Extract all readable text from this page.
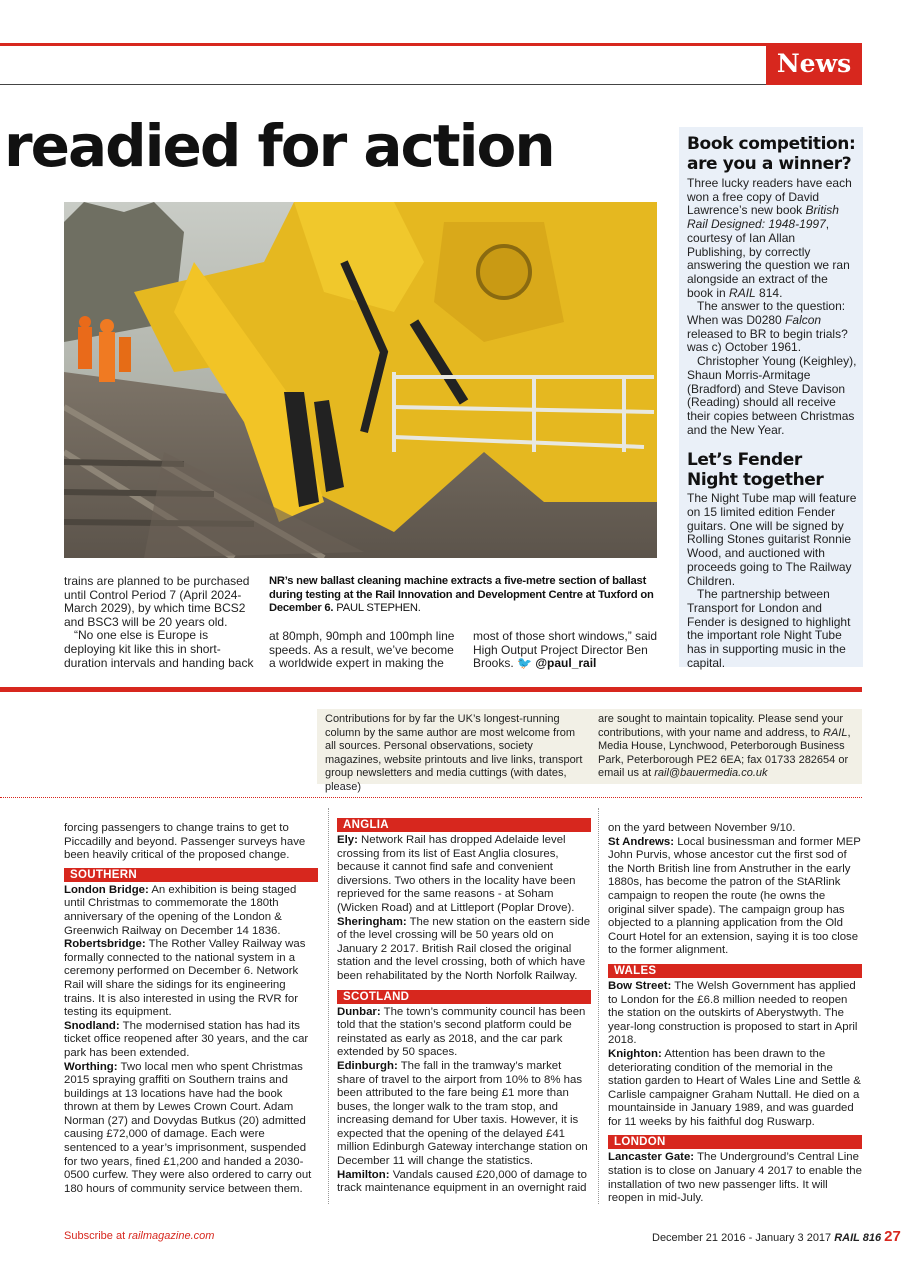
News
readied for action

trains are planned to be purchased until Control Period 7 (April 2024-March 2029), by which time BCS2 and BSC3 will be 20 years old.

“No one else is Europe is deploying kit like this in short-duration intervals and handing back

NR’s new ballast cleaning machine extracts a five-metre section of ballast during testing at the Rail Innovation and Development Centre at Tuxford on December 6. PAUL STEPHEN.
at 80mph, 90mph and 100mph line speeds. As a result, we’ve become a worldwide expert in making the
most of those short windows,” said High Output Project Director Ben Brooks. 🐦 @paul_rail
Book competition: are you a winner?

Three lucky readers have each won a free copy of David Lawrence’s new book British Rail Designed: 1948-1997, courtesy of Ian Allan Publishing, by correctly answering the question we ran alongside an extract of the book in RAIL 814.

The answer to the question: When was D0280 Falcon released to BR to begin trials? was c) October 1961.

Christopher Young (Keighley), Shaun Morris-Armitage (Bradford) and Steve Davison (Reading) should all receive their copies between Christmas and the New Year.

Let’s Fender Night together

The Night Tube map will feature on 15 limited edition Fender guitars. One will be signed by Rolling Stones guitarist Ronnie Wood, and auctioned with proceeds going to The Railway Children.

The partnership between Transport for London and Fender is designed to highlight the important role Night Tube has in supporting music in the capital.

Contributions for by far the UK’s longest-running column by the same author are most welcome from all sources. Personal observations, society magazines, website printouts and live links, transport group newsletters and media cuttings (with dates, please)
are sought to maintain topicality. Please send your contributions, with your name and address, to RAIL, Media House, Lynchwood, Peterborough Business Park, Peterborough PE2 6EA; fax 01733 282654 or email us at rail@bauermedia.co.uk

forcing passengers to change trains to get to Piccadilly and beyond. Passenger surveys have been heavily critical of the proposed change.

SOUTHERN

London Bridge: An exhibition is being staged until Christmas to commemorate the 180th anniversary of the opening of the London & Greenwich Railway on December 14 1836.

Robertsbridge: The Rother Valley Railway was formally connected to the national system in a ceremony performed on December 6. Network Rail will share the sidings for its engineering trains. It is also interested in using the RVR for testing its equipment.

Snodland: The modernised station has had its ticket office reopened after 30 years, and the car park has been extended.

Worthing: Two local men who spent Christmas 2015 spraying graffiti on Southern trains and buildings at 13 locations have had the book thrown at them by Lewes Crown Court. Adam Norman (27) and Dovydas Butkus (20) admitted causing £72,000 of damage. Each were sentenced to a year’s imprisonment, suspended for two years, fined £1,200 and handed a 2030-0500 curfew. They were also ordered to carry out 180 hours of community service between them.

ANGLIA

Ely: Network Rail has dropped Adelaide level crossing from its list of East Anglia closures, because it cannot find safe and convenient diversions. Two others in the locality have been reprieved for the same reasons - at Soham (Wicken Road) and at Littleport (Poplar Drove).

Sheringham: The new station on the eastern side of the level crossing will be 50 years old on January 2 2017. British Rail closed the original station and the level crossing, both of which have been rehabilitated by the North Norfolk Railway.

SCOTLAND

Dunbar: The town’s community council has been told that the station’s second platform could be reinstated as early as 2018, and the car park extended by 50 spaces.

Edinburgh: The fall in the tramway’s market share of travel to the airport from 10% to 8% has been attributed to the fare being £1 more than buses, the longer walk to the tram stop, and increasing demand for Uber taxis. However, it is expected that the opening of the delayed £41 million Edinburgh Gateway interchange station on December 11 will change the statistics.

Hamilton: Vandals caused £20,000 of damage to track maintenance equipment in an overnight raid

on the yard between November 9/10.

St Andrews: Local businessman and former MEP John Purvis, whose ancestor cut the first sod of the North British line from Anstruther in the early 1880s, has become the patron of the StARlink campaign to reopen the route (he owns the original silver spade). The campaign group has objected to a planning application from the Old Court Hotel for an extension, saying it is too close to the former alignment.

WALES

Bow Street: The Welsh Government has applied to London for the £6.8 million needed to reopen the station on the outskirts of Aberystwyth. The year-long construction is proposed to start in April 2018.

Knighton: Attention has been drawn to the deteriorating condition of the memorial in the station garden to Heart of Wales Line and Settle & Carlisle campaigner Graham Nuttall. He died on a mountainside in January 1989, and was guarded for 11 weeks by his faithful dog Ruswarp.

LONDON

Lancaster Gate: The Underground’s Central Line station is to close on January 4 2017 to enable the installation of two new passenger lifts. It will reopen in mid-July.

Subscribe at railmagazine.com	December 21 2016 - January 3 2017 RAIL 816 27
